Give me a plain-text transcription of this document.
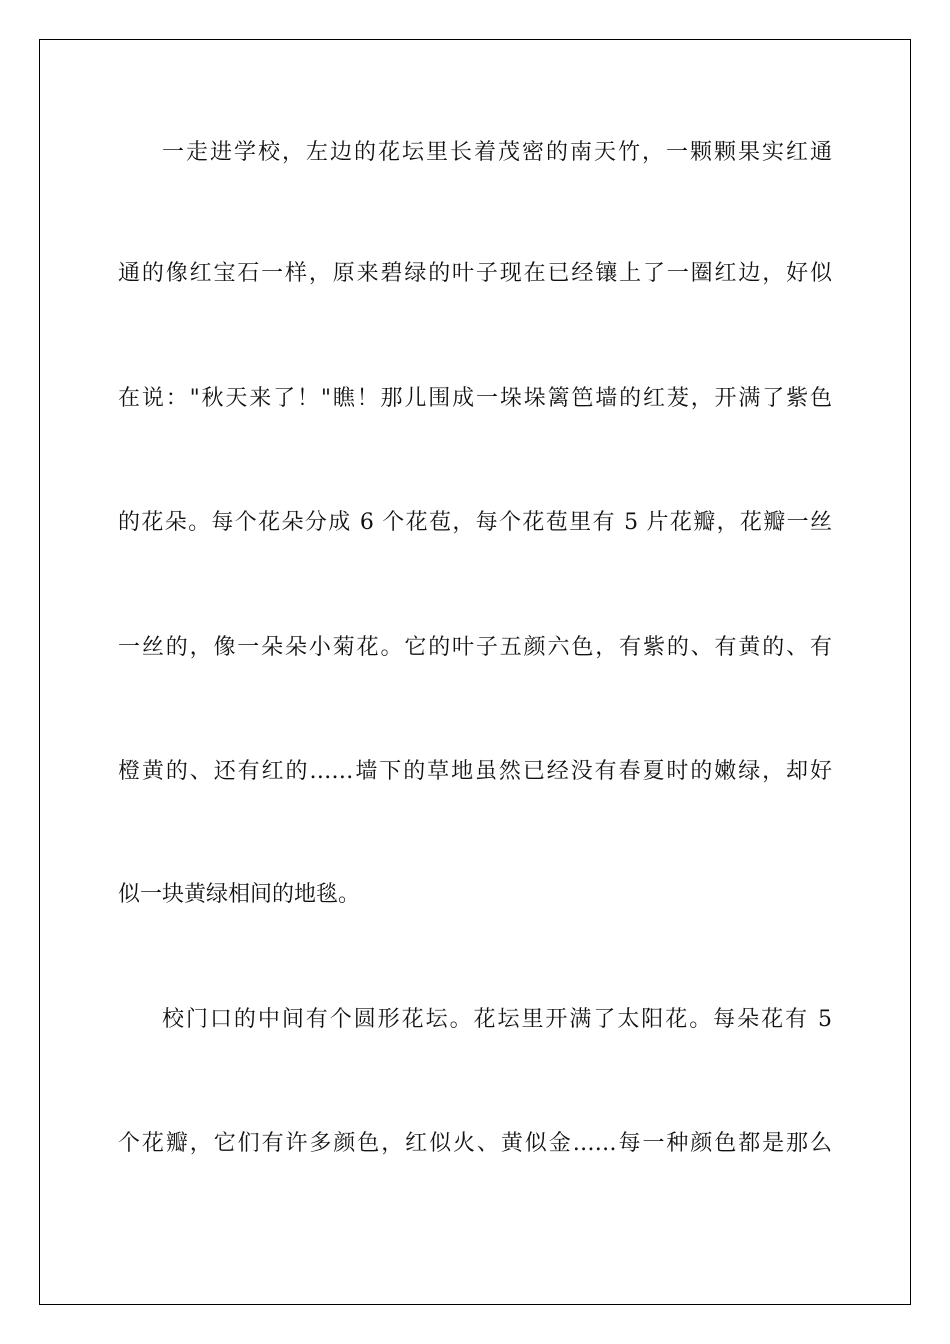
一走进学校，左边的花坛里长着茂密的南天竹，一颗颗果实红通
通的像红宝石一样，原来碧绿的叶子现在已经镶上了一圈红边，好似
在说："秋天来了！"瞧！那儿围成一垛垛篱笆墙的红茇，开满了紫色
的花朵。每个花朵分成 6 个花苞，每个花苞里有 5 片花瓣，花瓣一丝
一丝的，像一朵朵小菊花。它的叶子五颜六色，有紫的、有黄的、有
橙黄的、还有红的……墙下的草地虽然已经没有春夏时的嫩绿，却好
似一块黄绿相间的地毯。
校门口的中间有个圆形花坛。花坛里开满了太阳花。每朵花有 5
个花瓣，它们有许多颜色，红似火、黄似金……每一种颜色都是那么
